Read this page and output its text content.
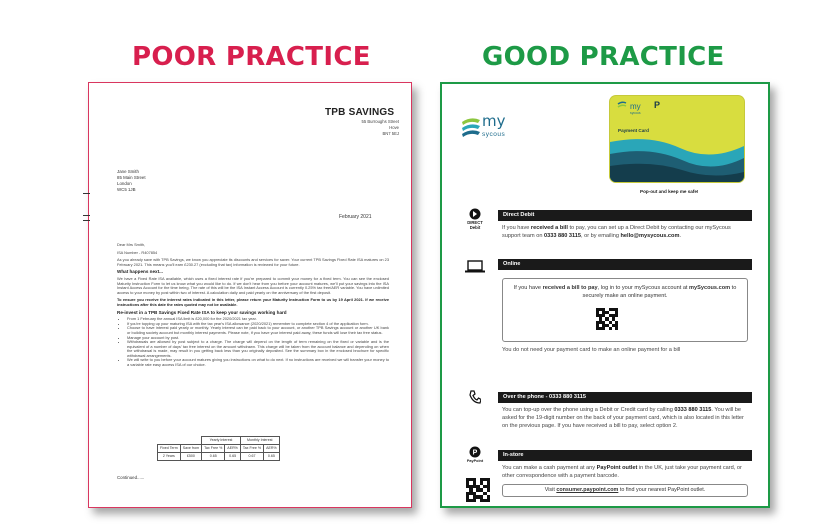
POOR PRACTICE	GOOD PRACTICE
TPB SAVINGS
55 Burroughs Street
Hove
BN7 5EJ
Jane Smith
85 Main Street
London
WC5 1JB
February 2021

Dear Mrs Smith,

ISA Number - R407854

As you already save with TPB Savings, we know you appreciate its discounts and services for saver. Your current TPB Savings Fixed Rate ISA matures on 23 February 2021. This means you'll earn £230.27 (excluding that tax) information is reviewed for your future.

What happens next...

We have a Fixed Rate ISA available, which uses a fixed interest rate if you're prepared to commit your money for a fixed term. You can see the enclosed Maturity Instruction Form to let us know what you would like to do. If we don't hear from you before your account matures, we'll put your savings into the ISA Instant Access Account for the time being. The rate of this will be the ISA Instant Access Account is currently 0.25% tax free/AER variable. You have unlimited access to your money by post within two of interest. A calculation daily and paid yearly on the anniversary of the first deposit.

To ensure you receive the interest rates indicated in this letter, please return your Maturity Instruction Form to us by 19 April 2021. If we receive instructions after this date the rates quoted may not be available.

Re-invest in a TPB Savings Fixed Rate ISA to keep your savings working hard

• From 1 February the annual ISA limit is £20,000 for the 2020/2021 tax year.
• If you're topping up your maturing ISA with the tax year's ISA allowance (2020/2021) remember to complete section 4 of the application form.
• Choose to have interest paid yearly or monthly. Yearly interest can be paid back to your account, or another TPB Savings account or another UK bank or building society account but monthly interest payments. Please note, if you have your interest paid away, these funds will lose their tax free status.
• Manage your account by post.
• Withdrawals are allowed by post subject to a charge. The charge will depend on the length of term remaining on the fixed or variable and is the equivalent of a number of days' tax free interest on the amount withdrawn. This charge will be taken from the account balance and depending on when the withdrawal is made, may result in you getting back less than you originally deposited. See the summary box in the enclosed brochure for specific withdrawal arrangements.
• We will write to you before your account matures giving you instructions on what to do next. If no instructions are received we will transfer your money to a variable rate easy access ISA of our choice.
		Yearly Interest		Monthly Interest	
Fixed Term	Save from	Tax Free %	AER%	Tax Free %	AER%
2 Years	£500	0.65	0.65	0.67	0.65
Continued......
my
sycous
my
sycous
P
Payment Card
Pop-out and keep me safe!
DIRECT Debit
Direct Debit
If you have received a bill to pay, you can set up a Direct Debit by contacting our mySycous support team on 0333 880 3115, or by emailing hello@mysycous.com.
Online
If you have received a bill to pay, log in to your mySycous account at mySycous.com to securely make an online payment.
You do not need your payment card to make an online payment for a bill
Over the phone - 0333 880 3115
You can top-up over the phone using a Debit or Credit card by calling 0333 880 3115. You will be asked for the 19-digit number on the back of your payment card, which is also located in this letter on the previous page. If you have received a bill to pay, select option 2.
P
PayPoint
In-store
You can make a cash payment at any PayPoint outlet in the UK, just take your payment card, or other correspondence with a payment barcode.
Visit consumer.paypoint.com to find your nearest PayPoint outlet.
